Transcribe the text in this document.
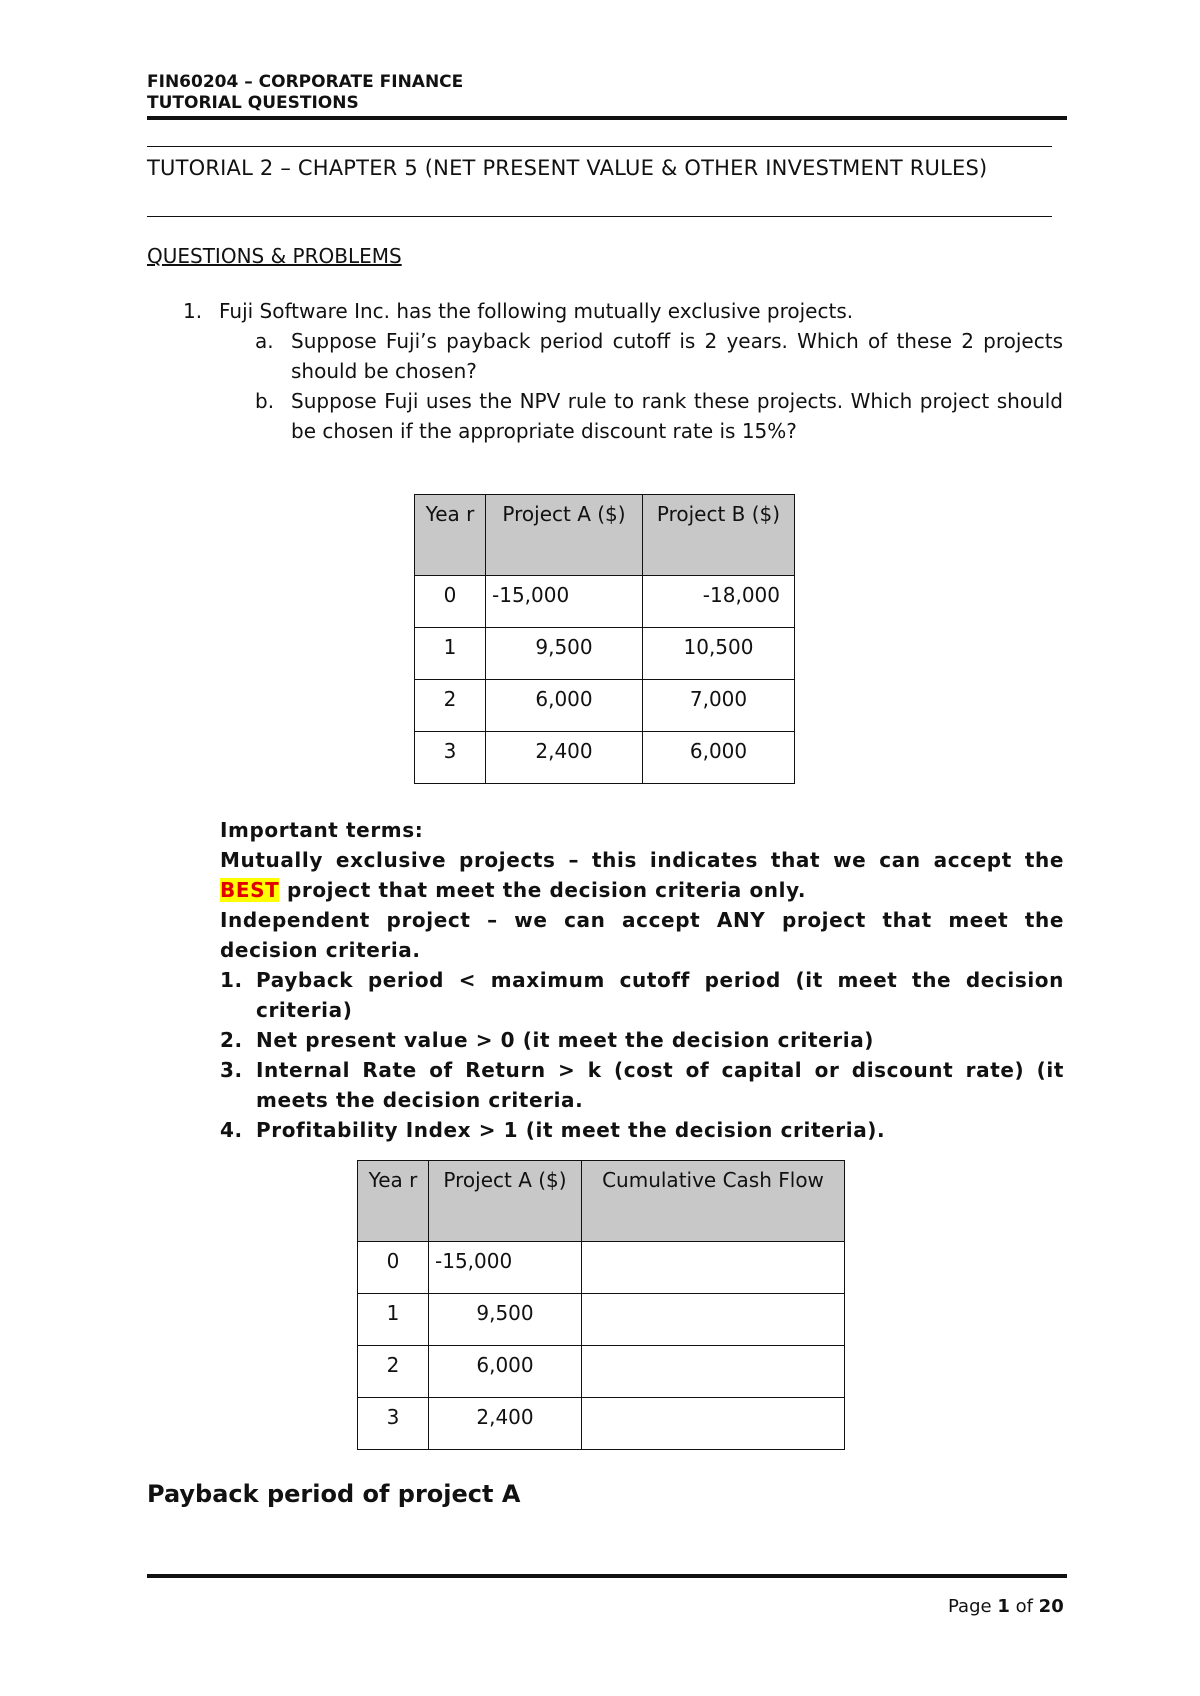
FIN60204 – CORPORATE FINANCE
TUTORIAL QUESTIONS
TUTORIAL 2 – CHAPTER 5 (NET PRESENT VALUE & OTHER INVESTMENT RULES)
QUESTIONS & PROBLEMS
1. Fuji Software Inc. has the following mutually exclusive projects.
a. Suppose Fuji’s payback period cutoff is 2 years. Which of these 2 projects should be chosen?
b. Suppose Fuji uses the NPV rule to rank these projects. Which project should be chosen if the appropriate discount rate is 15%?
Yea r	Project A ($)	Project B ($)
0	-15,000	-18,000
1	9,500	10,500
2	6,000	7,000
3	2,400	6,000

Important terms:

Mutually exclusive projects – this indicates that we can accept the BEST project that meet the decision criteria only.

Independent project – we can accept ANY project that meet the decision criteria.

1. Payback period < maximum cutoff period (it meet the decision criteria)
2. Net present value > 0 (it meet the decision criteria)
3. Internal Rate of Return > k (cost of capital or discount rate) (it meets the decision criteria.
4. Profitability Index > 1 (it meet the decision criteria).
Yea r	Project A ($)	Cumulative Cash Flow
0	-15,000	
1	9,500	
2	6,000	
3	2,400	
Payback period of project A
Page 1 of 20
